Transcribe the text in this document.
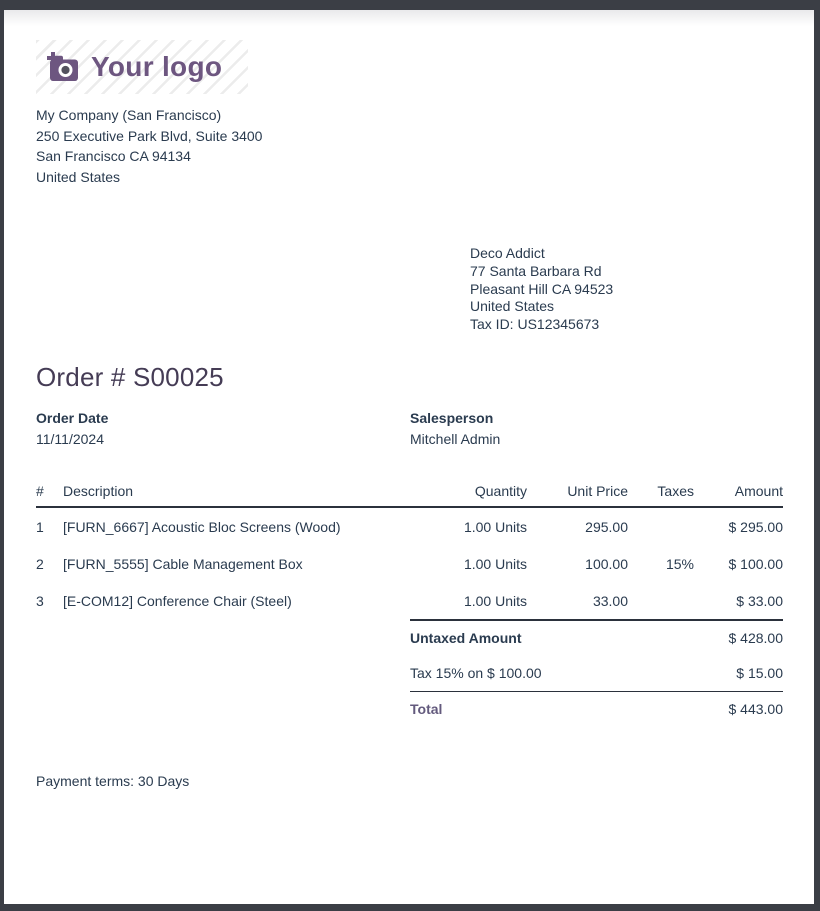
Your logo
My Company (San Francisco)
250 Executive Park Blvd, Suite 3400
San Francisco CA 94134
United States
Deco Addict
77 Santa Barbara Rd
Pleasant Hill CA 94523
United States
Tax ID: US12345673
Order # S00025
Order Date
11/11/2024
Salesperson
Mitchell Admin
#	Description	Quantity	Unit Price	Taxes	Amount
1	[FURN_6667] Acoustic Bloc Screens (Wood)	1.00 Units	295.00		$ 295.00
2	[FURN_5555] Cable Management Box	1.00 Units	100.00	15%	$ 100.00
3	[E-COM12] Conference Chair (Steel)	1.00 Units	33.00		$ 33.00
Untaxed Amount	$ 428.00
Tax 15% on $ 100.00	$ 15.00
Total	$ 443.00
Payment terms: 30 Days
